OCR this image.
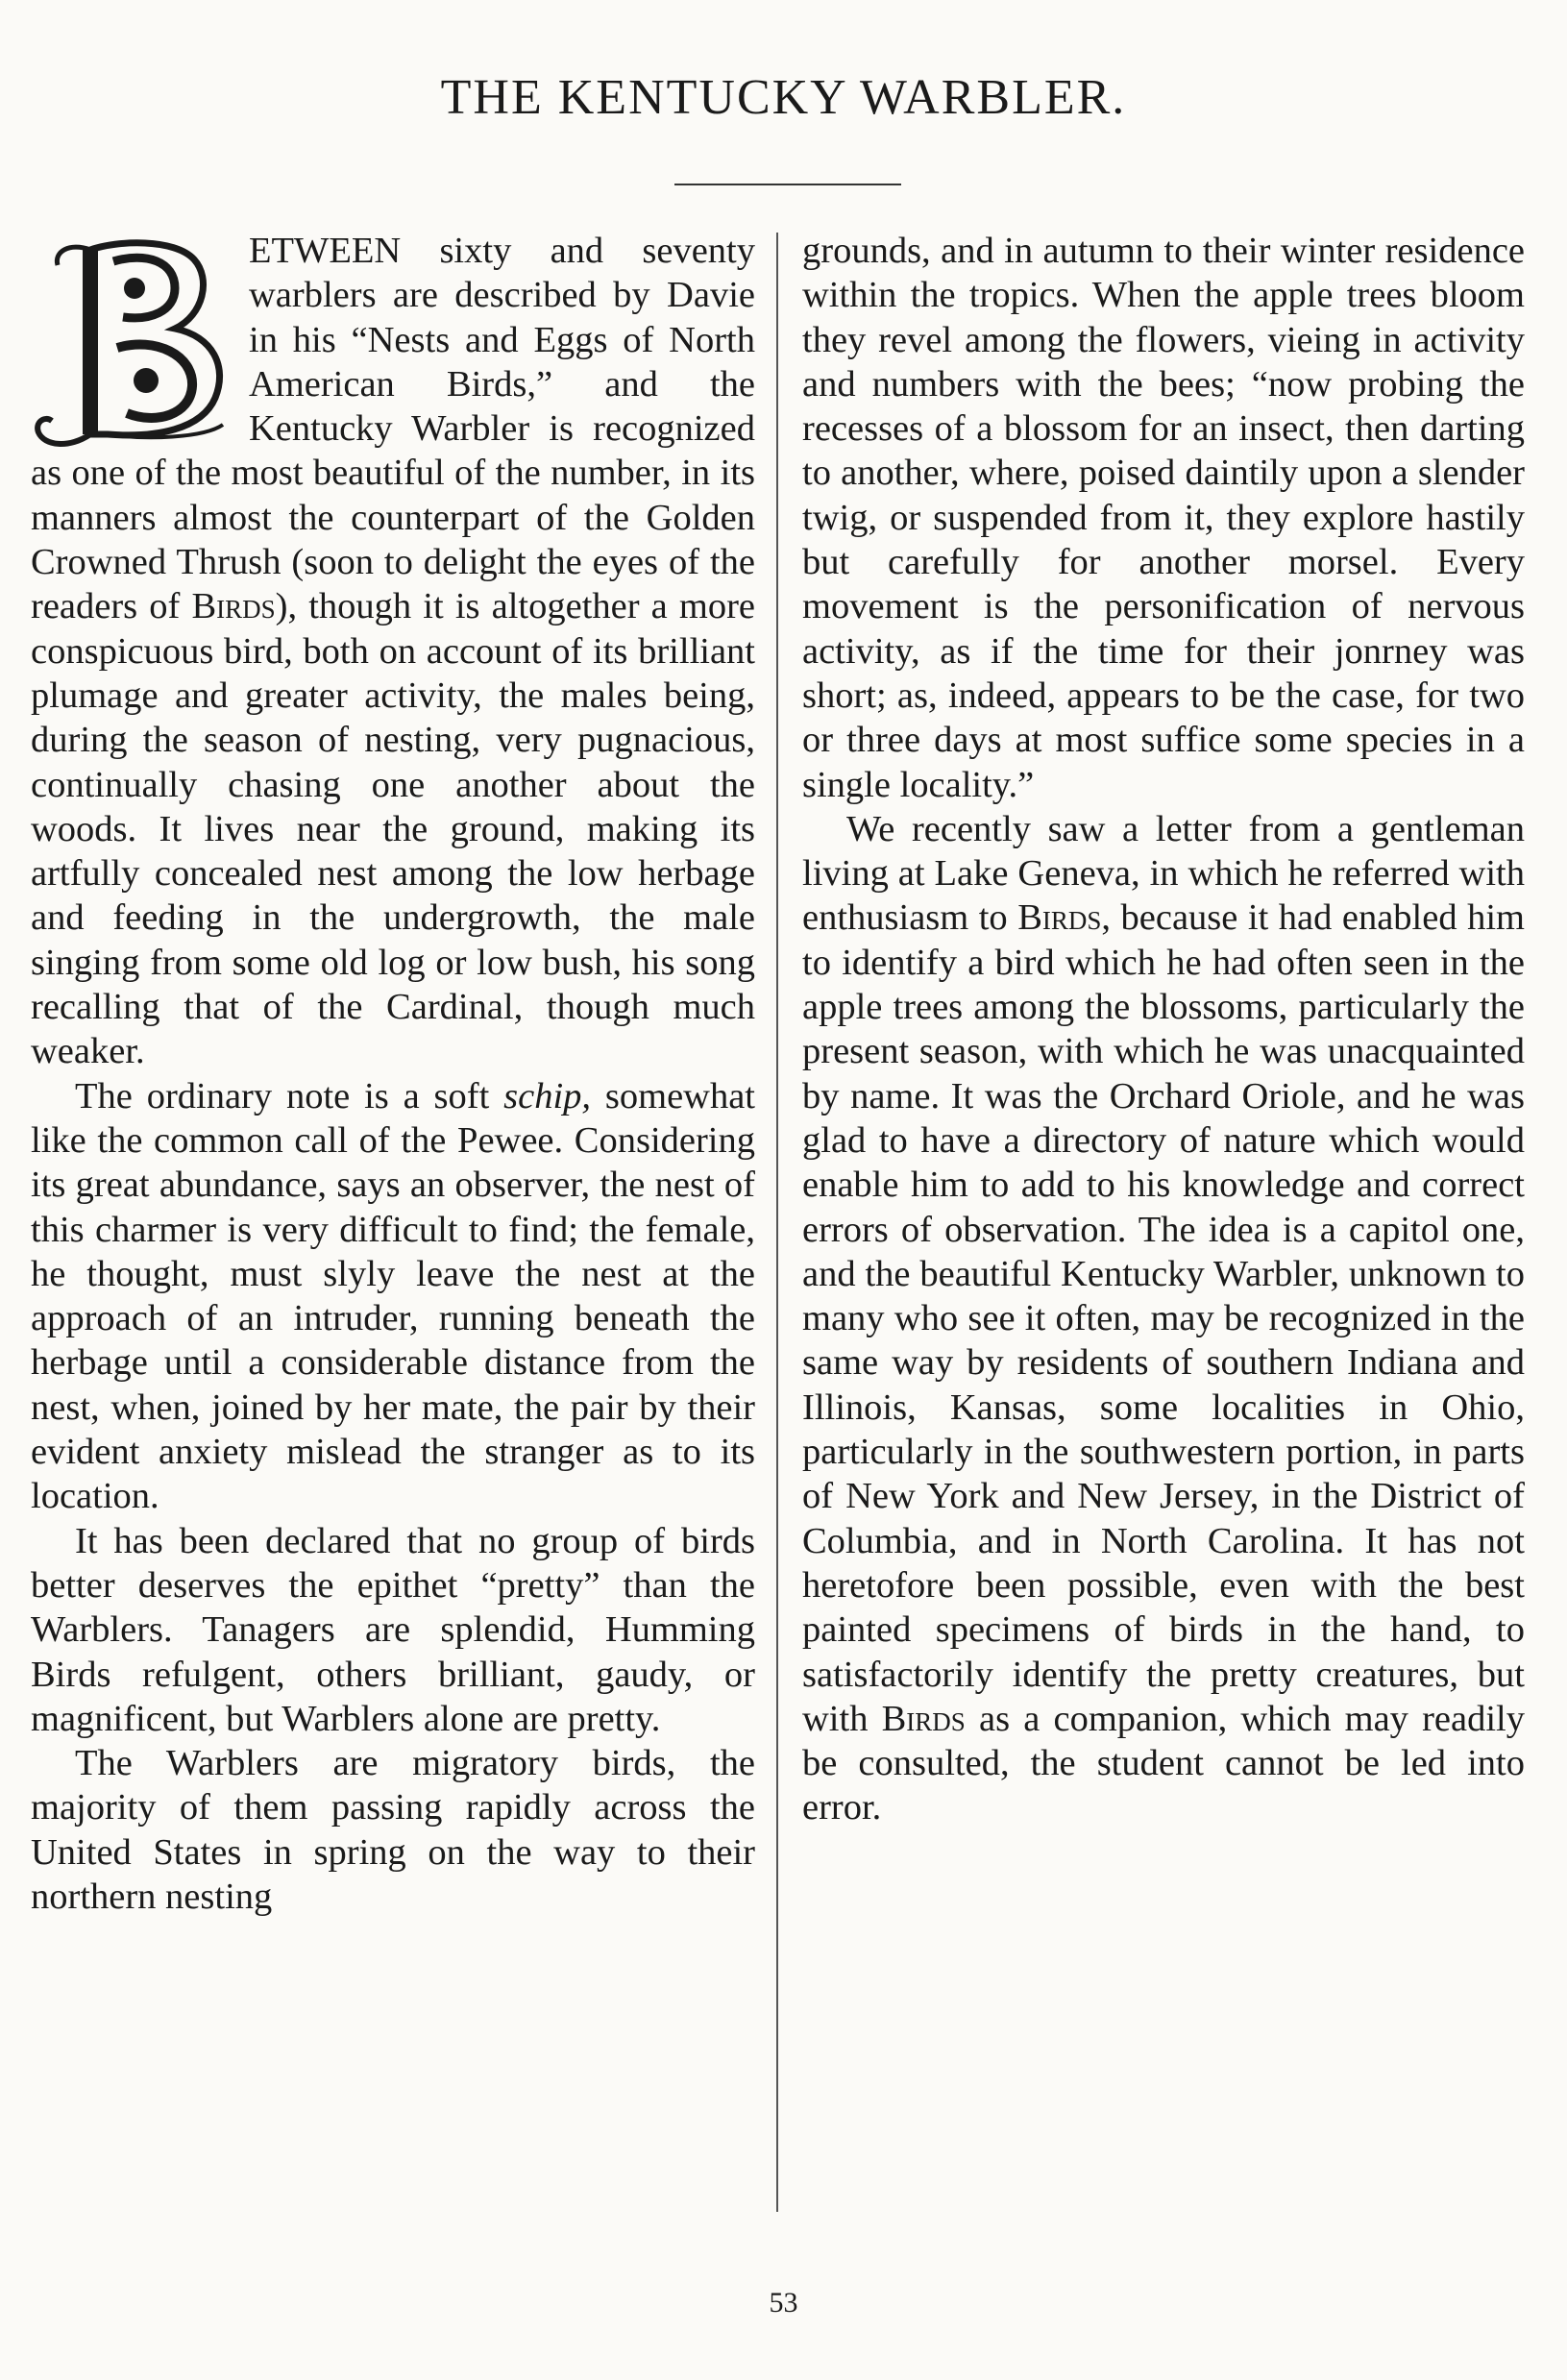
THE KENTUCKY WARBLER.

ETWEEN sixty and seventy warblers are described by Davie in his “Nests and Eggs of North American Birds,” and the Kentucky Warbler is recognized as one of the most beautiful of the number, in its manners almost the counterpart of the Golden Crowned Thrush (soon to delight the eyes of the readers of Birds), though it is altogether a more conspicuous bird, both on account of its brilliant plumage and greater activity, the males being, during the season of nesting, very pugnacious, continually chasing one another about the woods. It lives near the ground, making its artfully concealed nest among the low herbage and feeding in the undergrowth, the male singing from some old log or low bush, his song recalling that of the Cardinal, though much weaker.

The ordinary note is a soft schip, somewhat like the common call of the Pewee. Considering its great abundance, says an observer, the nest of this charmer is very difficult to find; the female, he thought, must slyly leave the nest at the approach of an intruder, running beneath the herbage until a considerable distance from the nest, when, joined by her mate, the pair by their evident anxiety mislead the stranger as to its location.

It has been declared that no group of birds better deserves the epithet “pretty” than the Warblers. Tanagers are splendid, Humming Birds refulgent, others brilliant, gaudy, or magnificent, but Warblers alone are pretty.

The Warblers are migratory birds, the majority of them passing rapidly across the United States in spring on the way to their northern nesting

grounds, and in autumn to their winter residence within the tropics. When the apple trees bloom they revel among the flowers, vieing in activity and numbers with the bees; “now probing the recesses of a blossom for an insect, then darting to another, where, poised daintily upon a slender twig, or suspended from it, they explore hastily but carefully for another morsel. Every movement is the personification of nervous activity, as if the time for their jonrney was short; as, indeed, appears to be the case, for two or three days at most suffice some species in a single locality.”

We recently saw a letter from a gentleman living at Lake Geneva, in which he referred with enthusiasm to Birds, because it had enabled him to identify a bird which he had often seen in the apple trees among the blossoms, particularly the present season, with which he was unacquainted by name. It was the Orchard Oriole, and he was glad to have a directory of nature which would enable him to add to his knowledge and correct errors of observation. The idea is a capitol one, and the beautiful Kentucky Warbler, unknown to many who see it often, may be recognized in the same way by residents of southern Indiana and Illinois, Kansas, some localities in Ohio, particularly in the southwestern portion, in parts of New York and New Jersey, in the District of Columbia, and in North Carolina. It has not heretofore been possible, even with the best painted specimens of birds in the hand, to satisfactorily identify the pretty creatures, but with Birds as a companion, which may readily be consulted, the student cannot be led into error.

53
